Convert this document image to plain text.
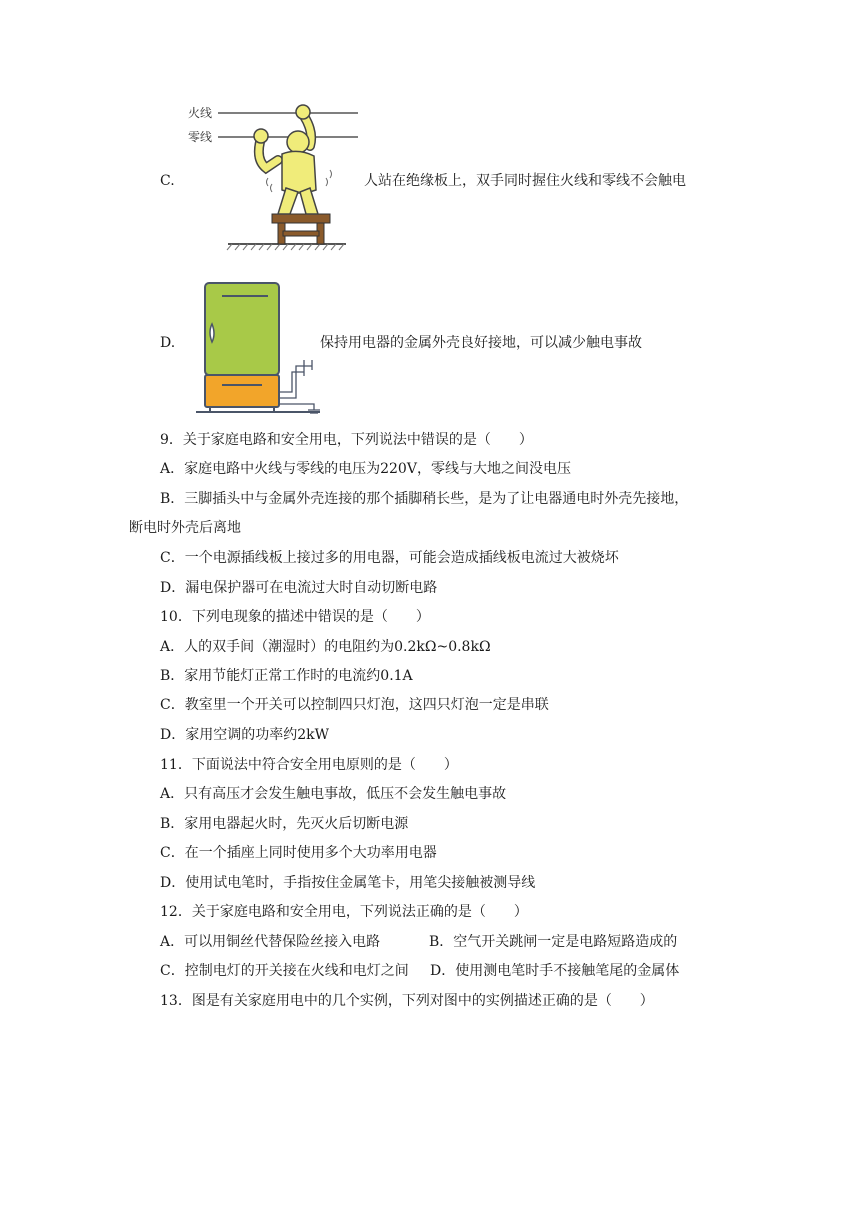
C.
火线
零线
人站在绝缘板上，双手同时握住火线和零线不会触电
D.	保持用电器的金属外壳良好接地，可以减少触电事故
9．关于家庭电路和安全用电，下列说法中错误的是（　　）
A．家庭电路中火线与零线的电压为220V，零线与大地之间没电压
B．三脚插头中与金属外壳连接的那个插脚稍长些，是为了让电器通电时外壳先接地，
断电时外壳后离地
C．一个电源插线板上接过多的用电器，可能会造成插线板电流过大被烧坏
D．漏电保护器可在电流过大时自动切断电路
10．下列电现象的描述中错误的是（　　）
A．人的双手间（潮湿时）的电阻约为0.2kΩ~0.8kΩ
B．家用节能灯正常工作时的电流约0.1A
C．教室里一个开关可以控制四只灯泡，这四只灯泡一定是串联
D．家用空调的功率约2kW
11．下面说法中符合安全用电原则的是（　　）
A．只有高压才会发生触电事故，低压不会发生触电事故
B．家用电器起火时，先灭火后切断电源
C．在一个插座上同时使用多个大功率用电器
D．使用试电笔时，手指按住金属笔卡，用笔尖接触被测导线
12．关于家庭电路和安全用电，下列说法正确的是（　　）
A．可以用铜丝代替保险丝接入电路	B．空气开关跳闸一定是电路短路造成的
C．控制电灯的开关接在火线和电灯之间 D．使用测电笔时手不接触笔尾的金属体
13．图是有关家庭用电中的几个实例，下列对图中的实例描述正确的是（　　）
